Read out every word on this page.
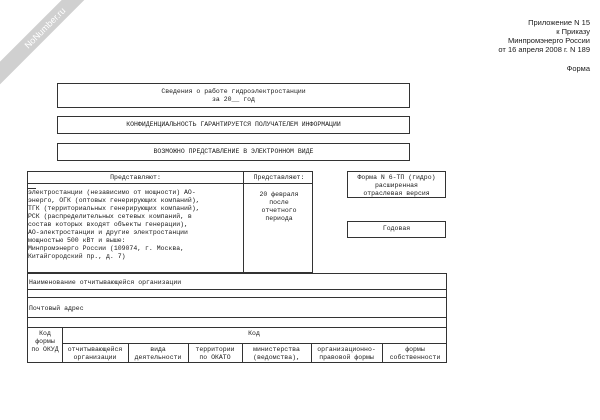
NoNumber.ru	Приложение N 15
к Приказу
Минпромэнерго России
от 16 апреля 2008 г. N 189
Форма
Сведения о работе гидроэлектростанции
за 20__ год
КОНФИДЕНЦИАЛЬНОСТЬ ГАРАНТИРУЕТСЯ ПОЛУЧАТЕЛЕМ ИНФОРМАЦИИ
ВОЗМОЖНО ПРЕДСТАВЛЕНИЕ В ЭЛЕКТРОННОМ ВИДЕ
Представляют:	Представляют:
электростанции (независимо от мощности) АО-
энерго, ОГК (оптовых генерирующих компаний),
ТГК (территориальных генерирующих компаний),
РСК (распределительных сетевых компаний, в
состав которых входят объекты генерации),
АО-электростанции и другие электростанции
мощностью 500 кВт и выше:
Минпромэнерго России (109074, г. Москва,
Китайгородский пр., д. 7)
20 февраля
после
отчетного
периода
Форма N 6-ТП (гидро)
расширенная
отраслевая версия
Годовая
Наименование отчитывающейся организации
Почтовый адрес
Код
формы
по ОКУД
Код
отчитывающейся
организации
вида
деятельности
территории
по ОКАТО
министерства
(ведомства),
организационно-
правовой формы
формы
собственности
